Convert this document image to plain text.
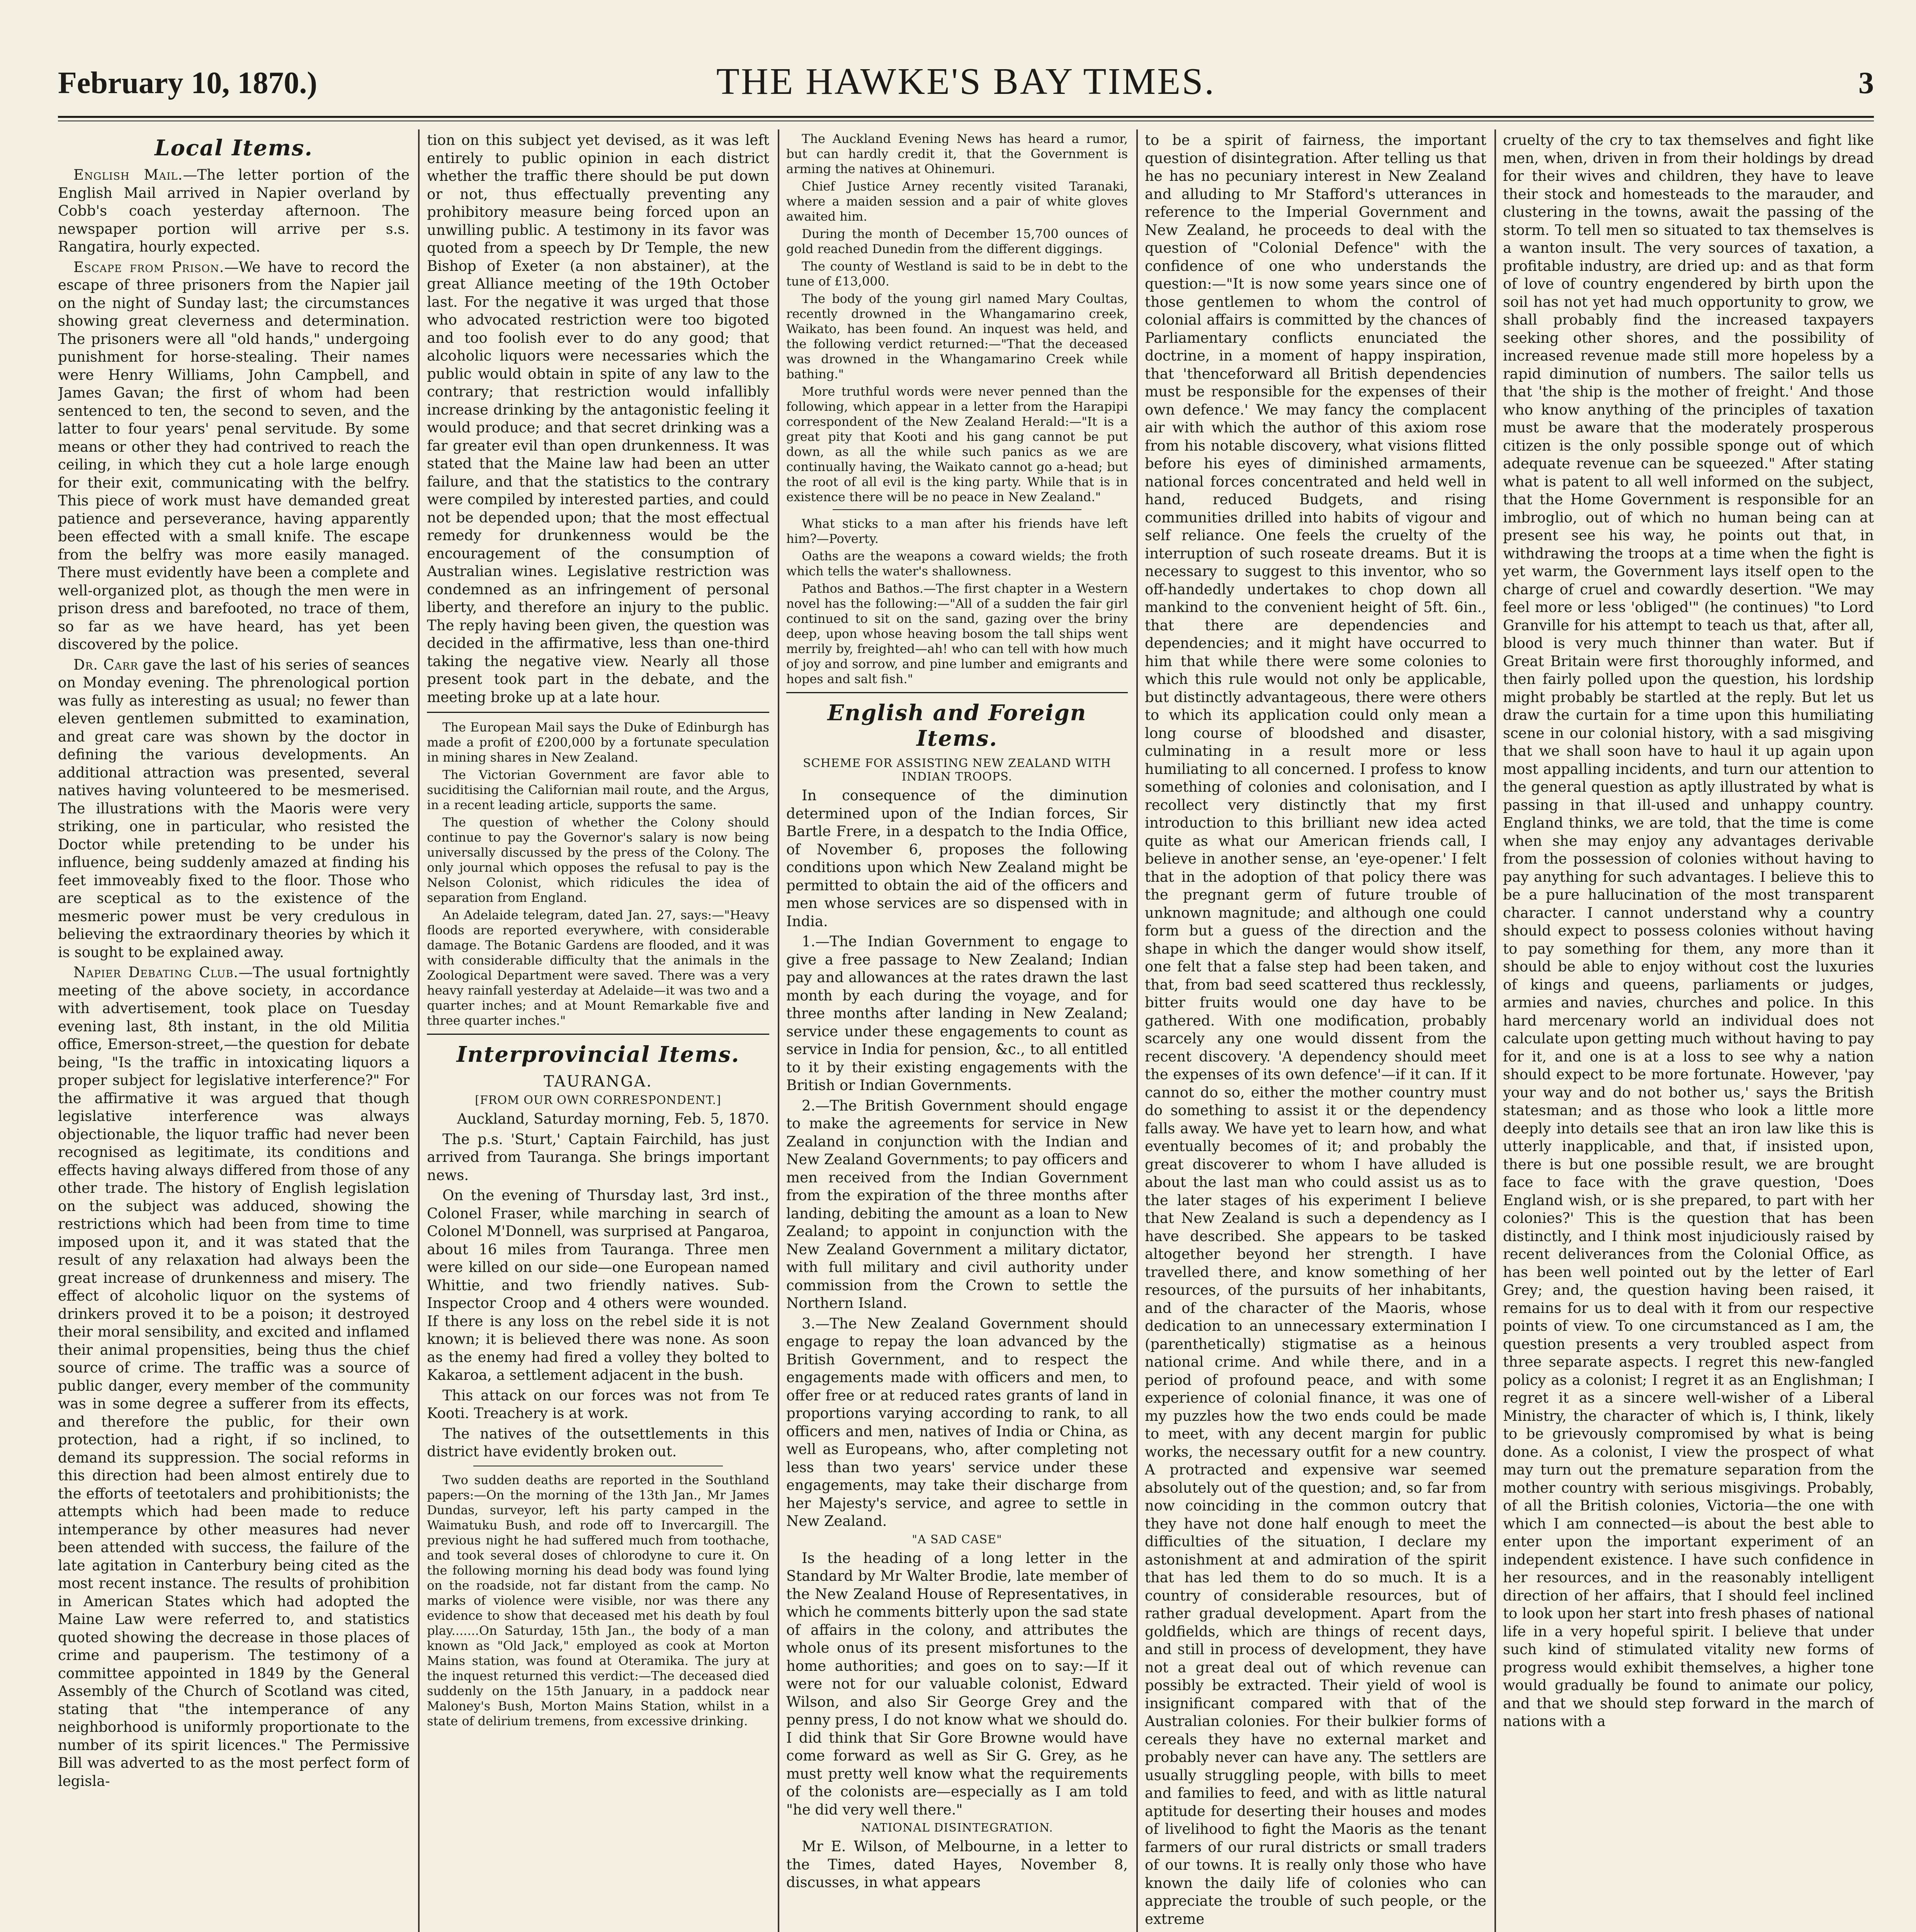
February 10, 1870.)	THE HAWKE'S BAY TIMES.	3
Local Items.

English Mail.—The letter portion of the English Mail arrived in Napier overland by Cobb's coach yesterday afternoon. The newspaper portion will arrive per s.s. Rangatira, hourly expected.

Escape from Prison.—We have to record the escape of three prisoners from the Napier jail on the night of Sunday last; the circumstances showing great cleverness and determination. The prisoners were all "old hands," undergoing punishment for horse-stealing. Their names were Henry Williams, John Campbell, and James Gavan; the first of whom had been sentenced to ten, the second to seven, and the latter to four years' penal servitude. By some means or other they had contrived to reach the ceiling, in which they cut a hole large enough for their exit, communicating with the belfry. This piece of work must have demanded great patience and perseverance, having apparently been effected with a small knife. The escape from the belfry was more easily managed. There must evidently have been a complete and well-organized plot, as though the men were in prison dress and barefooted, no trace of them, so far as we have heard, has yet been discovered by the police.

Dr. Carr gave the last of his series of seances on Monday evening. The phrenological portion was fully as interesting as usual; no fewer than eleven gentlemen submitted to examination, and great care was shown by the doctor in defining the various developments. An additional attraction was presented, several natives having volunteered to be mesmerised. The illustrations with the Maoris were very striking, one in particular, who resisted the Doctor while pretending to be under his influence, being suddenly amazed at finding his feet immoveably fixed to the floor. Those who are sceptical as to the existence of the mesmeric power must be very credulous in believing the extraordinary theories by which it is sought to be explained away.

Napier Debating Club.—The usual fortnightly meeting of the above society, in accordance with advertisement, took place on Tuesday evening last, 8th instant, in the old Militia office, Emerson-street,—the question for debate being, "Is the traffic in intoxicating liquors a proper subject for legislative interference?" For the affirmative it was argued that though legislative interference was always objectionable, the liquor traffic had never been recognised as legitimate, its conditions and effects having always differed from those of any other trade. The history of English legislation on the subject was adduced, showing the restrictions which had been from time to time imposed upon it, and it was stated that the result of any relaxation had always been the great increase of drunkenness and misery. The effect of alcoholic liquor on the systems of drinkers proved it to be a poison; it destroyed their moral sensibility, and excited and inflamed their animal propensities, being thus the chief source of crime. The traffic was a source of public danger, every member of the community was in some degree a sufferer from its effects, and therefore the public, for their own protection, had a right, if so inclined, to demand its suppression. The social reforms in this direction had been almost entirely due to the efforts of teetotalers and prohibitionists; the attempts which had been made to reduce intemperance by other measures had never been attended with success, the failure of the late agitation in Canterbury being cited as the most recent instance. The results of prohibition in American States which had adopted the Maine Law were referred to, and statistics quoted showing the decrease in those places of crime and pauperism. The testimony of a committee appointed in 1849 by the General Assembly of the Church of Scotland was cited, stating that "the intemperance of any neighborhood is uniformly proportionate to the number of its spirit licences." The Permissive Bill was adverted to as the most perfect form of legisla-

tion on this subject yet devised, as it was left entirely to public opinion in each district whether the traffic there should be put down or not, thus effectually preventing any prohibitory measure being forced upon an unwilling public. A testimony in its favor was quoted from a speech by Dr Temple, the new Bishop of Exeter (a non abstainer), at the great Alliance meeting of the 19th October last. For the negative it was urged that those who advocated restriction were too bigoted and too foolish ever to do any good; that alcoholic liquors were necessaries which the public would obtain in spite of any law to the contrary; that restriction would infallibly increase drinking by the antagonistic feeling it would produce; and that secret drinking was a far greater evil than open drunkenness. It was stated that the Maine law had been an utter failure, and that the statistics to the contrary were compiled by interested parties, and could not be depended upon; that the most effectual remedy for drunkenness would be the encouragement of the consumption of Australian wines. Legislative restriction was condemned as an infringement of personal liberty, and therefore an injury to the public. The reply having been given, the question was decided in the affirmative, less than one-third taking the negative view. Nearly all those present took part in the debate, and the meeting broke up at a late hour.

The European Mail says the Duke of Edinburgh has made a profit of £200,000 by a fortunate speculation in mining shares in New Zealand.

The Victorian Government are favor able to suciditising the Californian mail route, and the Argus, in a recent leading article, supports the same.

The question of whether the Colony should continue to pay the Governor's salary is now being universally discussed by the press of the Colony. The only journal which opposes the refusal to pay is the Nelson Colonist, which ridicules the idea of separation from England.

An Adelaide telegram, dated Jan. 27, says:—"Heavy floods are reported everywhere, with considerable damage. The Botanic Gardens are flooded, and it was with considerable difficulty that the animals in the Zoological Department were saved. There was a very heavy rainfall yesterday at Adelaide—it was two and a quarter inches; and at Mount Remarkable five and three quarter inches."

Interprovincial Items.
TAURANGA.
[FROM OUR OWN CORRESPONDENT.]

Auckland, Saturday morning, Feb. 5, 1870.

The p.s. 'Sturt,' Captain Fairchild, has just arrived from Tauranga. She brings important news.

On the evening of Thursday last, 3rd inst., Colonel Fraser, while marching in search of Colonel M'Donnell, was surprised at Pangaroa, about 16 miles from Tauranga. Three men were killed on our side—one European named Whittie, and two friendly natives. Sub-Inspector Croop and 4 others were wounded. If there is any loss on the rebel side it is not known; it is believed there was none. As soon as the enemy had fired a volley they bolted to Kakaroa, a settlement adjacent in the bush.

This attack on our forces was not from Te Kooti. Treachery is at work.

The natives of the outsettlements in this district have evidently broken out.

Two sudden deaths are reported in the Southland papers:—On the morning of the 13th Jan., Mr James Dundas, surveyor, left his party camped in the Waimatuku Bush, and rode off to Invercargill. The previous night he had suffered much from toothache, and took several doses of chlorodyne to cure it. On the following morning his dead body was found lying on the roadside, not far distant from the camp. No marks of violence were visible, nor was there any evidence to show that deceased met his death by foul play.......On Saturday, 15th Jan., the body of a man known as "Old Jack," employed as cook at Morton Mains station, was found at Oteramika. The jury at the inquest returned this verdict:—The deceased died suddenly on the 15th January, in a paddock near Maloney's Bush, Morton Mains Station, whilst in a state of delirium tremens, from excessive drinking.

The Auckland Evening News has heard a rumor, but can hardly credit it, that the Government is arming the natives at Ohinemuri.

Chief Justice Arney recently visited Taranaki, where a maiden session and a pair of white gloves awaited him.

During the month of December 15,700 ounces of gold reached Dunedin from the different diggings.

The county of Westland is said to be in debt to the tune of £13,000.

The body of the young girl named Mary Coultas, recently drowned in the Whangamarino creek, Waikato, has been found. An inquest was held, and the following verdict returned:—"That the deceased was drowned in the Whangamarino Creek while bathing."

More truthful words were never penned than the following, which appear in a letter from the Harapipi correspondent of the New Zealand Herald:—"It is a great pity that Kooti and his gang cannot be put down, as all the while such panics as we are continually having, the Waikato cannot go a-head; but the root of all evil is the king party. While that is in existence there will be no peace in New Zealand."

What sticks to a man after his friends have left him?—Poverty.

Oaths are the weapons a coward wields; the froth which tells the water's shallowness.

Pathos and Bathos.—The first chapter in a Western novel has the following:—"All of a sudden the fair girl continued to sit on the sand, gazing over the briny deep, upon whose heaving bosom the tall ships went merrily by, freighted—ah! who can tell with how much of joy and sorrow, and pine lumber and emigrants and hopes and salt fish."

English and Foreign Items.
SCHEME FOR ASSISTING NEW ZEALAND WITH INDIAN TROOPS.

In consequence of the diminution determined upon of the Indian forces, Sir Bartle Frere, in a despatch to the India Office, of November 6, proposes the following conditions upon which New Zealand might be permitted to obtain the aid of the officers and men whose services are so dispensed with in India.

1.—The Indian Government to engage to give a free passage to New Zealand; Indian pay and allowances at the rates drawn the last month by each during the voyage, and for three months after landing in New Zealand; service under these engagements to count as service in India for pension, &c., to all entitled to it by their existing engagements with the British or Indian Governments.

2.—The British Government should engage to make the agreements for service in New Zealand in conjunction with the Indian and New Zealand Governments; to pay officers and men received from the Indian Government from the expiration of the three months after landing, debiting the amount as a loan to New Zealand; to appoint in conjunction with the New Zealand Government a military dictator, with full military and civil authority under commission from the Crown to settle the Northern Island.

3.—The New Zealand Government should engage to repay the loan advanced by the British Government, and to respect the engagements made with officers and men, to offer free or at reduced rates grants of land in proportions varying according to rank, to all officers and men, natives of India or China, as well as Europeans, who, after completing not less than two years' service under these engagements, may take their discharge from her Majesty's service, and agree to settle in New Zealand.

"A SAD CASE"

Is the heading of a long letter in the Standard by Mr Walter Brodie, late member of the New Zealand House of Representatives, in which he comments bitterly upon the sad state of affairs in the colony, and attributes the whole onus of its present misfortunes to the home authorities; and goes on to say:—If it were not for our valuable colonist, Edward Wilson, and also Sir George Grey and the penny press, I do not know what we should do. I did think that Sir Gore Browne would have come forward as well as Sir G. Grey, as he must pretty well know what the requirements of the colonists are—especially as I am told "he did very well there."

NATIONAL DISINTEGRATION.

Mr E. Wilson, of Melbourne, in a letter to the Times, dated Hayes, November 8, discusses, in what appears

to be a spirit of fairness, the important question of disintegration. After telling us that he has no pecuniary interest in New Zealand and alluding to Mr Stafford's utterances in reference to the Imperial Government and New Zealand, he proceeds to deal with the question of "Colonial Defence" with the confidence of one who understands the question:—"It is now some years since one of those gentlemen to whom the control of colonial affairs is committed by the chances of Parliamentary conflicts enunciated the doctrine, in a moment of happy inspiration, that 'thenceforward all British dependencies must be responsible for the expenses of their own defence.' We may fancy the complacent air with which the author of this axiom rose from his notable discovery, what visions flitted before his eyes of diminished armaments, national forces concentrated and held well in hand, reduced Budgets, and rising communities drilled into habits of vigour and self reliance. One feels the cruelty of the interruption of such roseate dreams. But it is necessary to suggest to this inventor, who so off-handedly undertakes to chop down all mankind to the convenient height of 5ft. 6in., that there are dependencies and dependencies; and it might have occurred to him that while there were some colonies to which this rule would not only be applicable, but distinctly advantageous, there were others to which its application could only mean a long course of bloodshed and disaster, culminating in a result more or less humiliating to all concerned. I profess to know something of colonies and colonisation, and I recollect very distinctly that my first introduction to this brilliant new idea acted quite as what our American friends call, I believe in another sense, an 'eye-opener.' I felt that in the adoption of that policy there was the pregnant germ of future trouble of unknown magnitude; and although one could form but a guess of the direction and the shape in which the danger would show itself, one felt that a false step had been taken, and that, from bad seed scattered thus recklessly, bitter fruits would one day have to be gathered. With one modification, probably scarcely any one would dissent from the recent discovery. 'A dependency should meet the expenses of its own defence'—if it can. If it cannot do so, either the mother country must do something to assist it or the dependency falls away. We have yet to learn how, and what eventually becomes of it; and probably the great discoverer to whom I have alluded is about the last man who could assist us as to the later stages of his experiment I believe that New Zealand is such a dependency as I have described. She appears to be tasked altogether beyond her strength. I have travelled there, and know something of her resources, of the pursuits of her inhabitants, and of the character of the Maoris, whose dedication to an unnecessary extermination I (parenthetically) stigmatise as a heinous national crime. And while there, and in a period of profound peace, and with some experience of colonial finance, it was one of my puzzles how the two ends could be made to meet, with any decent margin for public works, the necessary outfit for a new country. A protracted and expensive war seemed absolutely out of the question; and, so far from now coinciding in the common outcry that they have not done half enough to meet the difficulties of the situation, I declare my astonishment at and admiration of the spirit that has led them to do so much. It is a country of considerable resources, but of rather gradual development. Apart from the goldfields, which are things of recent days, and still in process of development, they have not a great deal out of which revenue can possibly be extracted. Their yield of wool is insignificant compared with that of the Australian colonies. For their bulkier forms of cereals they have no external market and probably never can have any. The settlers are usually struggling people, with bills to meet and families to feed, and with as little natural aptitude for deserting their houses and modes of livelihood to fight the Maoris as the tenant farmers of our rural districts or small traders of our towns. It is really only those who have known the daily life of colonies who can appreciate the trouble of such people, or the extreme

cruelty of the cry to tax themselves and fight like men, when, driven in from their holdings by dread for their wives and children, they have to leave their stock and homesteads to the marauder, and clustering in the towns, await the passing of the storm. To tell men so situated to tax themselves is a wanton insult. The very sources of taxation, a profitable industry, are dried up: and as that form of love of country engendered by birth upon the soil has not yet had much opportunity to grow, we shall probably find the increased taxpayers seeking other shores, and the possibility of increased revenue made still more hopeless by a rapid diminution of numbers. The sailor tells us that 'the ship is the mother of freight.' And those who know anything of the principles of taxation must be aware that the moderately prosperous citizen is the only possible sponge out of which adequate revenue can be squeezed." After stating what is patent to all well informed on the subject, that the Home Government is responsible for an imbroglio, out of which no human being can at present see his way, he points out that, in withdrawing the troops at a time when the fight is yet warm, the Government lays itself open to the charge of cruel and cowardly desertion. "We may feel more or less 'obliged'" (he continues) "to Lord Granville for his attempt to teach us that, after all, blood is very much thinner than water. But if Great Britain were first thoroughly informed, and then fairly polled upon the question, his lordship might probably be startled at the reply. But let us draw the curtain for a time upon this humiliating scene in our colonial history, with a sad misgiving that we shall soon have to haul it up again upon most appalling incidents, and turn our attention to the general question as aptly illustrated by what is passing in that ill-used and unhappy country. England thinks, we are told, that the time is come when she may enjoy any advantages derivable from the possession of colonies without having to pay anything for such advantages. I believe this to be a pure hallucination of the most transparent character. I cannot understand why a country should expect to possess colonies without having to pay something for them, any more than it should be able to enjoy without cost the luxuries of kings and queens, parliaments or judges, armies and navies, churches and police. In this hard mercenary world an individual does not calculate upon getting much without having to pay for it, and one is at a loss to see why a nation should expect to be more fortunate. However, 'pay your way and do not bother us,' says the British statesman; and as those who look a little more deeply into details see that an iron law like this is utterly inapplicable, and that, if insisted upon, there is but one possible result, we are brought face to face with the grave question, 'Does England wish, or is she prepared, to part with her colonies?' This is the question that has been distinctly, and I think most injudiciously raised by recent deliverances from the Colonial Office, as has been well pointed out by the letter of Earl Grey; and, the question having been raised, it remains for us to deal with it from our respective points of view. To one circumstanced as I am, the question presents a very troubled aspect from three separate aspects. I regret this new-fangled policy as a colonist; I regret it as an Englishman; I regret it as a sincere well-wisher of a Liberal Ministry, the character of which is, I think, likely to be grievously compromised by what is being done. As a colonist, I view the prospect of what may turn out the premature separation from the mother country with serious misgivings. Probably, of all the British colonies, Victoria—the one with which I am connected—is about the best able to enter upon the important experiment of an independent existence. I have such confidence in her resources, and in the reasonably intelligent direction of her affairs, that I should feel inclined to look upon her start into fresh phases of national life in a very hopeful spirit. I believe that under such kind of stimulated vitality new forms of progress would exhibit themselves, a higher tone would gradually be found to animate our policy, and that we should step forward in the march of nations with a
